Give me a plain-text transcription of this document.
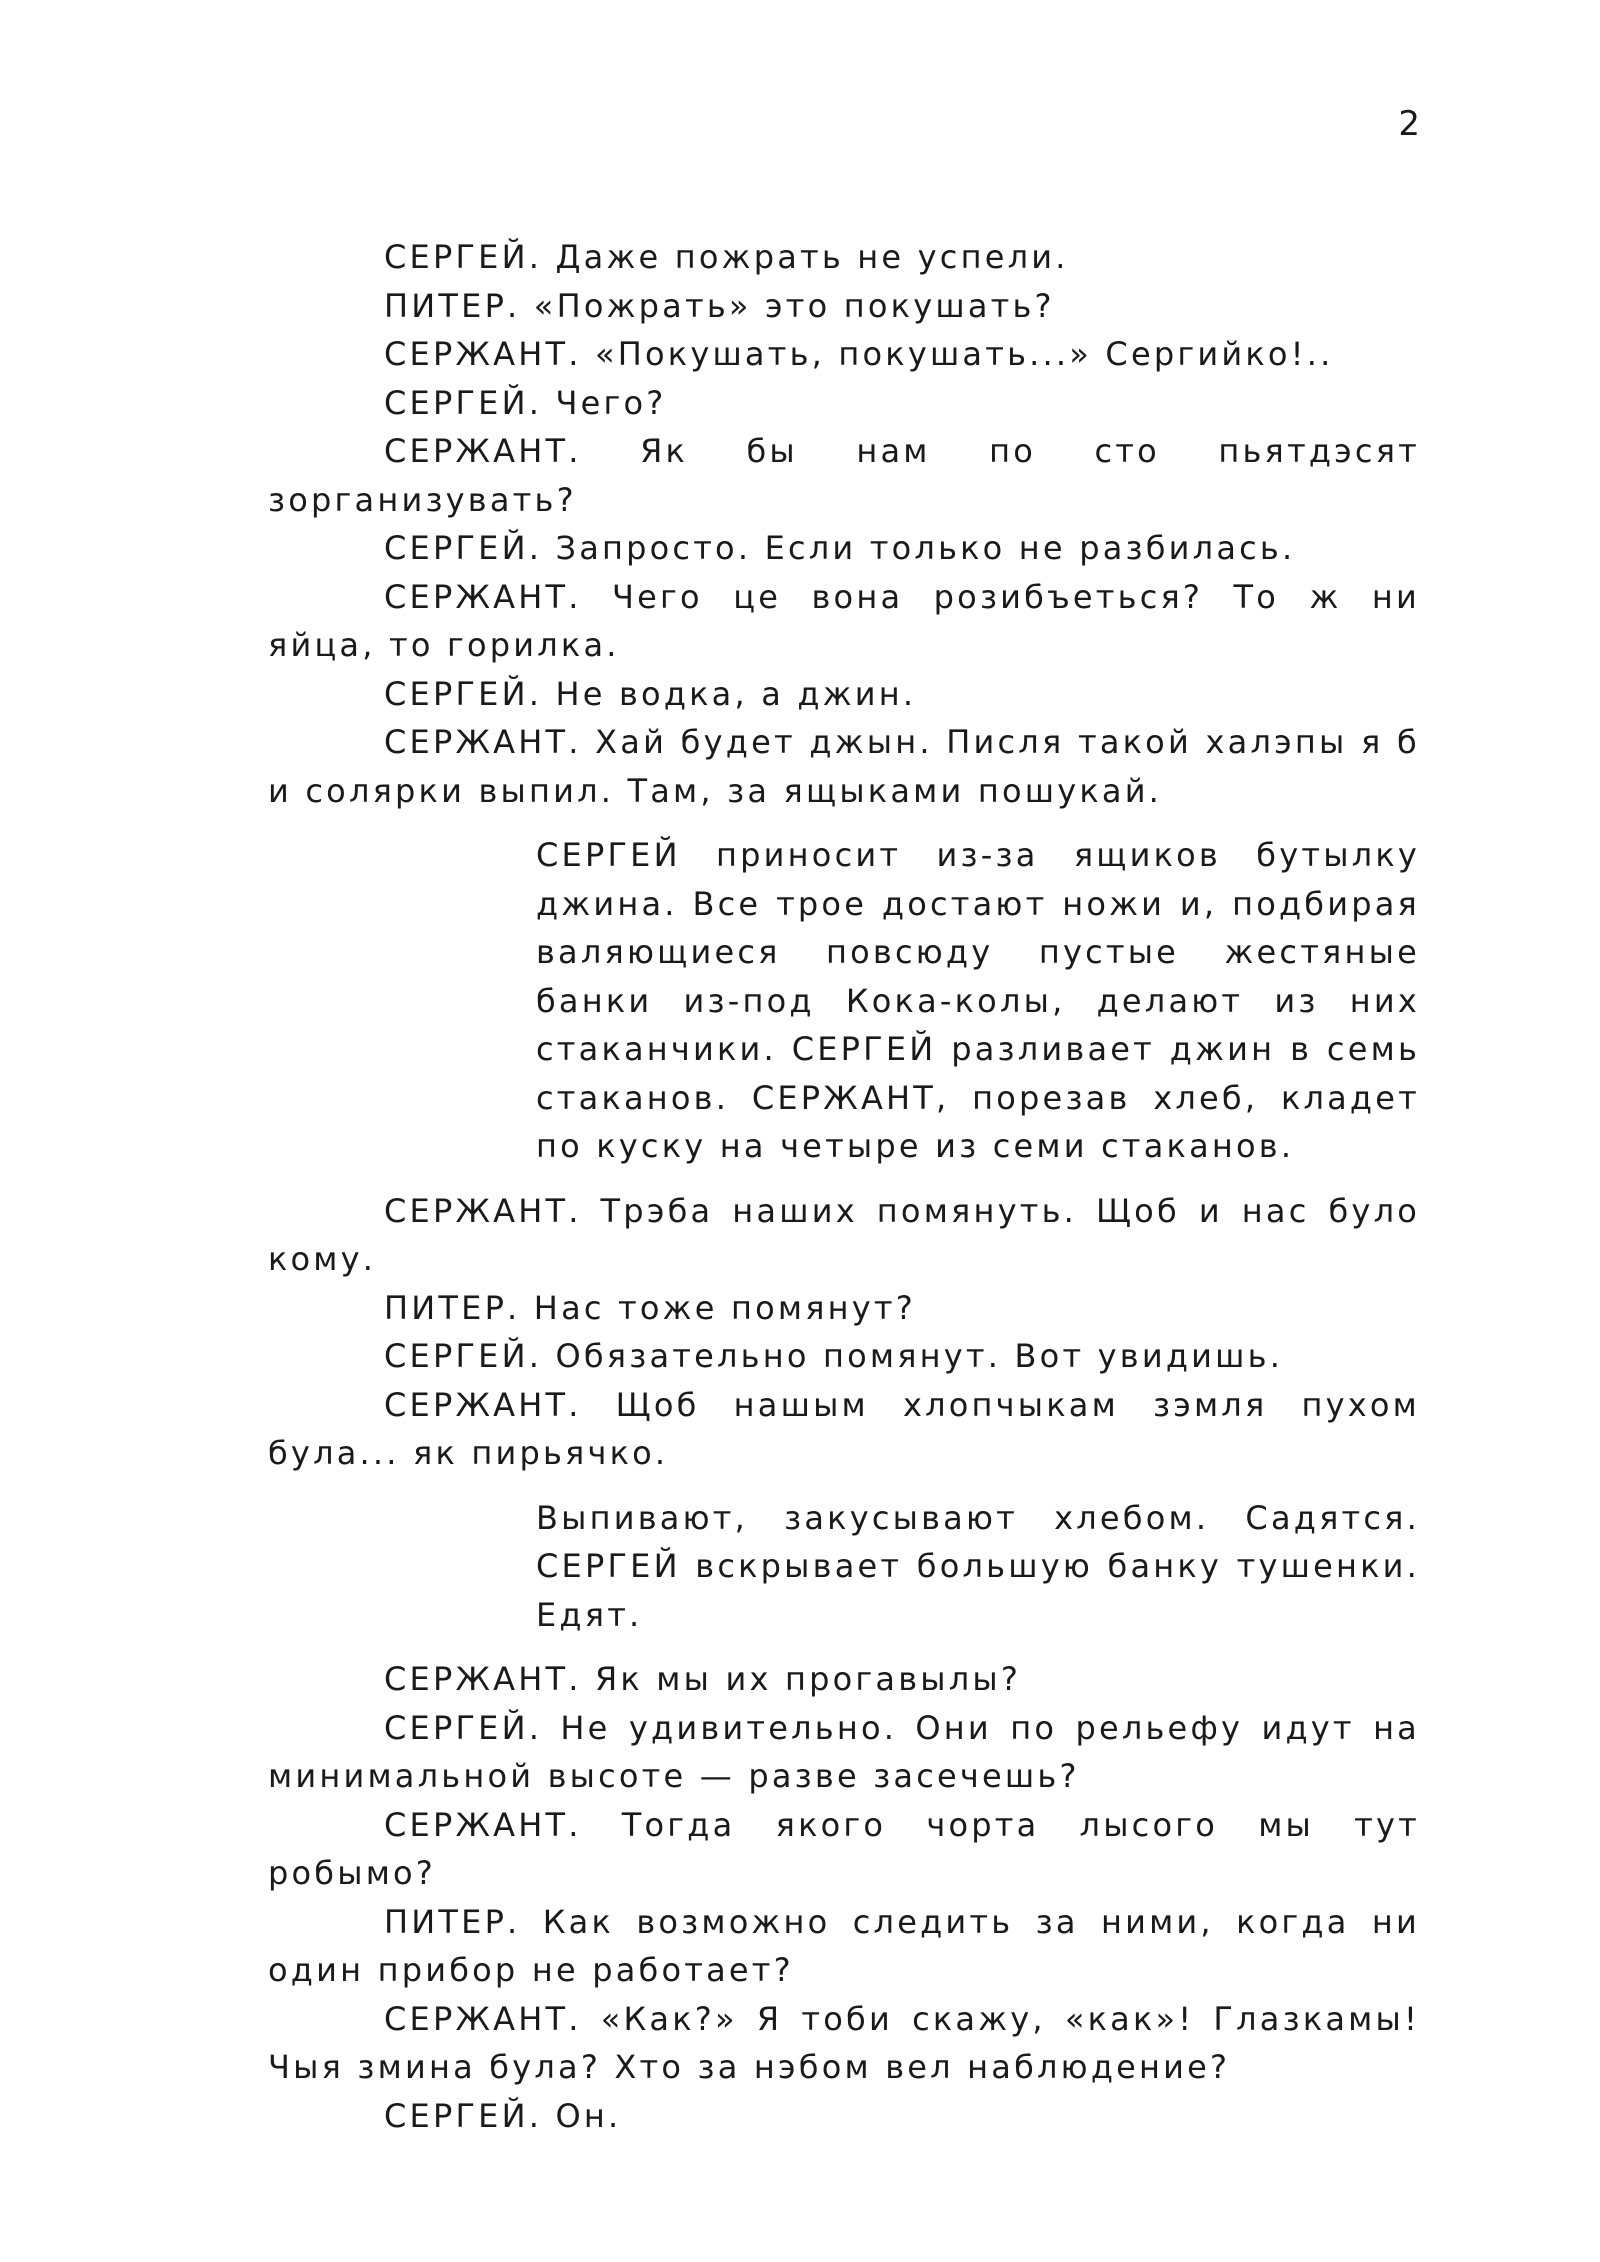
2

СЕРГЕЙ. Даже пожрать не успели.

ПИТЕР. «Пожрать» это покушать?

СЕРЖАНТ. «Покушать, покушать...» Сергийко!..

СЕРГЕЙ. Чего?

СЕРЖАНТ. Як бы нам по сто пьятдэсят зорганизувать?

СЕРГЕЙ. Запросто. Если только не разбилась.

СЕРЖАНТ. Чего це вона розибъеться? То ж ни яйца, то горилка.

СЕРГЕЙ. Не водка, а джин.

СЕРЖАНТ. Хай будет джын. Писля такой халэпы я б и солярки выпил. Там, за ящыками пошукай.

СЕРГЕЙ приносит из-за ящиков бутылку джина. Все трое достают ножи и, подбирая валяющиеся повсюду пустые жестяные банки из-под Кока-колы, делают из них стаканчики. СЕРГЕЙ разливает джин в семь стаканов. СЕРЖАНТ, порезав хлеб, кладет по куску на четыре из семи стаканов.

СЕРЖАНТ. Трэба наших помянуть. Щоб и нас було кому.

ПИТЕР. Нас тоже помянут?

СЕРГЕЙ. Обязательно помянут. Вот увидишь.

СЕРЖАНТ. Щоб нашым хлопчыкам зэмля пухом була... як пирьячко.

Выпивают, закусывают хлебом. Садятся. СЕРГЕЙ вскрывает большую банку тушенки. Едят.

СЕРЖАНТ. Як мы их прогавылы?

СЕРГЕЙ. Не удивительно. Они по рельефу идут на минимальной высоте — разве засечешь?

СЕРЖАНТ. Тогда якого чорта лысого мы тут робымо?

ПИТЕР. Как возможно следить за ними, когда ни один прибор не работает?

СЕРЖАНТ. «Как?» Я тоби скажу, «как»! Глазкамы! Чыя змина була? Хто за нэбом вел наблюдение?

СЕРГЕЙ. Он.
